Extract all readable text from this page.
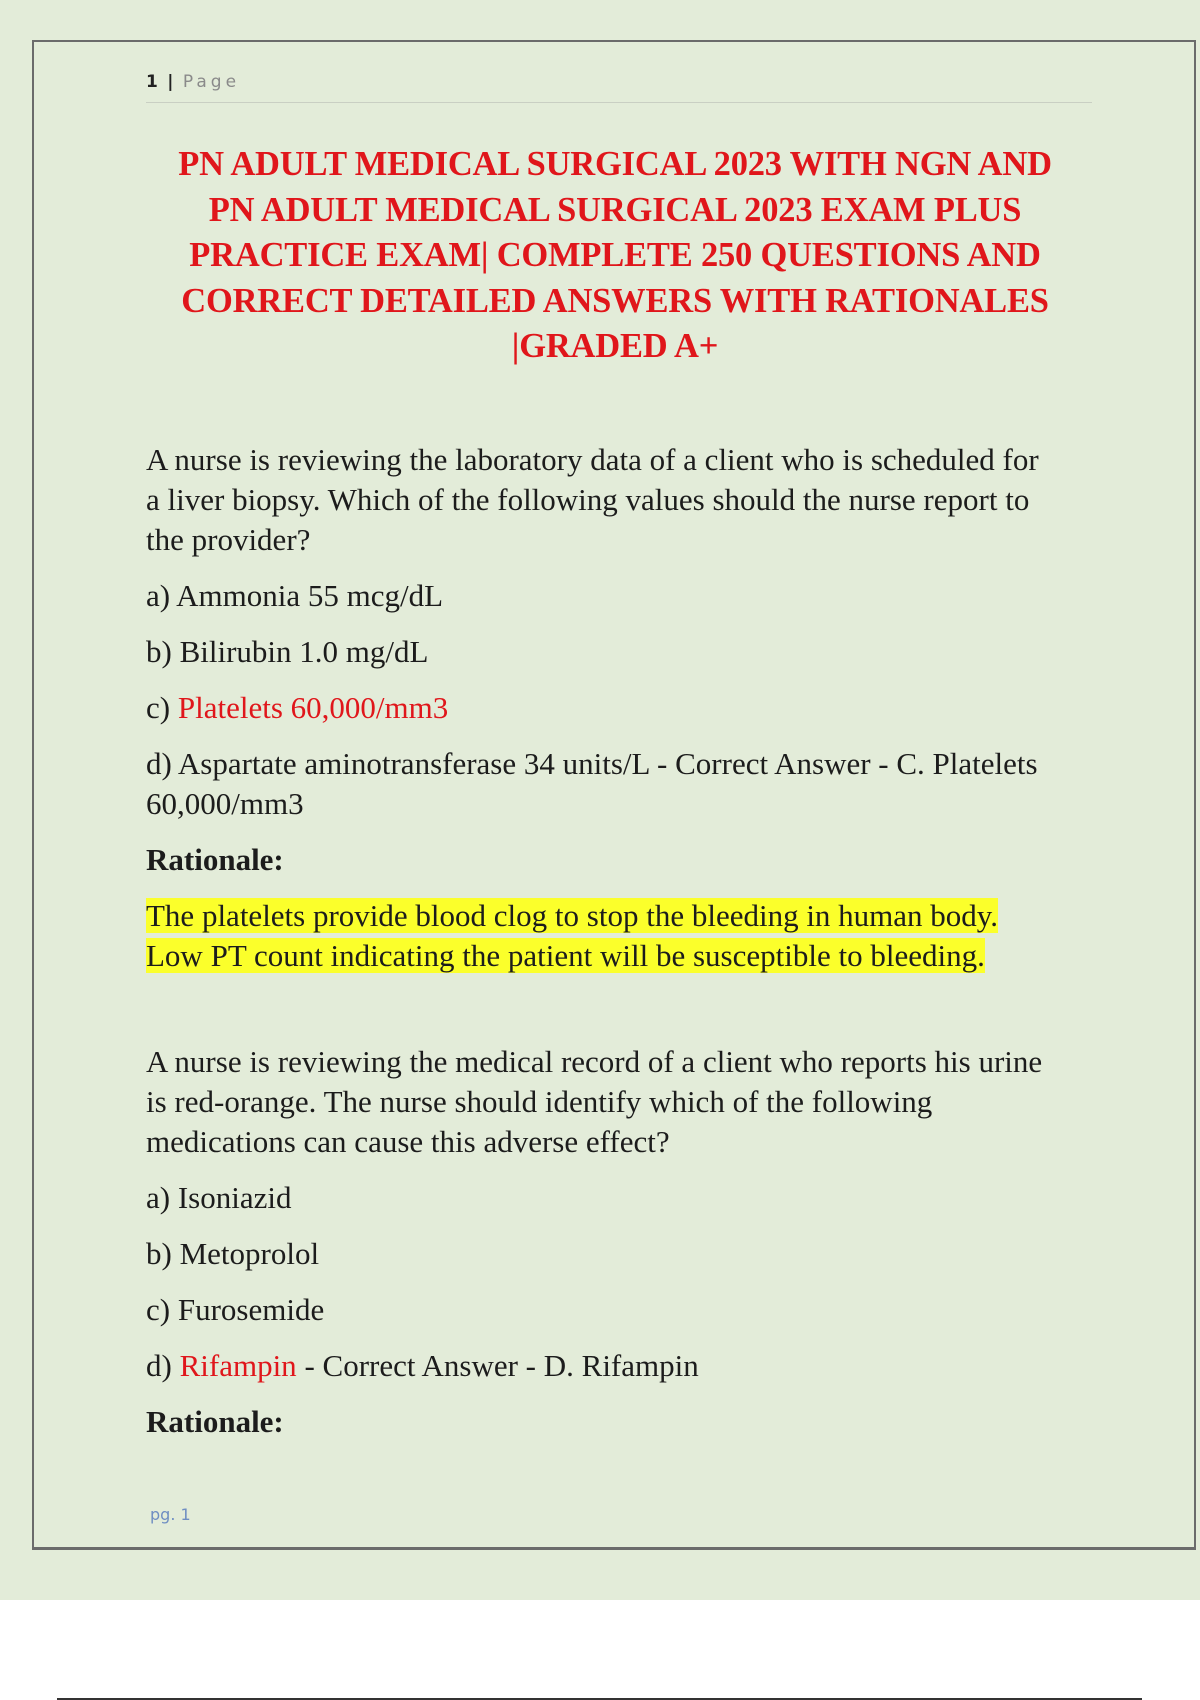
1 | Page
PN ADULT MEDICAL SURGICAL 2023 WITH NGN AND
PN ADULT MEDICAL SURGICAL 2023 EXAM PLUS
PRACTICE EXAM| COMPLETE 250 QUESTIONS AND
CORRECT DETAILED ANSWERS WITH RATIONALES
|GRADED A+

A nurse is reviewing the laboratory data of a client who is scheduled for

a liver biopsy. Which of the following values should the nurse report to

the provider?

a) Ammonia 55 mcg/dL

b) Bilirubin 1.0 mg/dL

c) Platelets 60,000/mm3

d) Aspartate aminotransferase 34 units/L - Correct Answer - C. Platelets

60,000/mm3

Rationale:

The platelets provide blood clog to stop the bleeding in human body.

Low PT count indicating the patient will be susceptible to bleeding.

A nurse is reviewing the medical record of a client who reports his urine

is red-orange. The nurse should identify which of the following

medications can cause this adverse effect?

a) Isoniazid

b) Metoprolol

c) Furosemide

d) Rifampin - Correct Answer - D. Rifampin

Rationale:

pg. 1
